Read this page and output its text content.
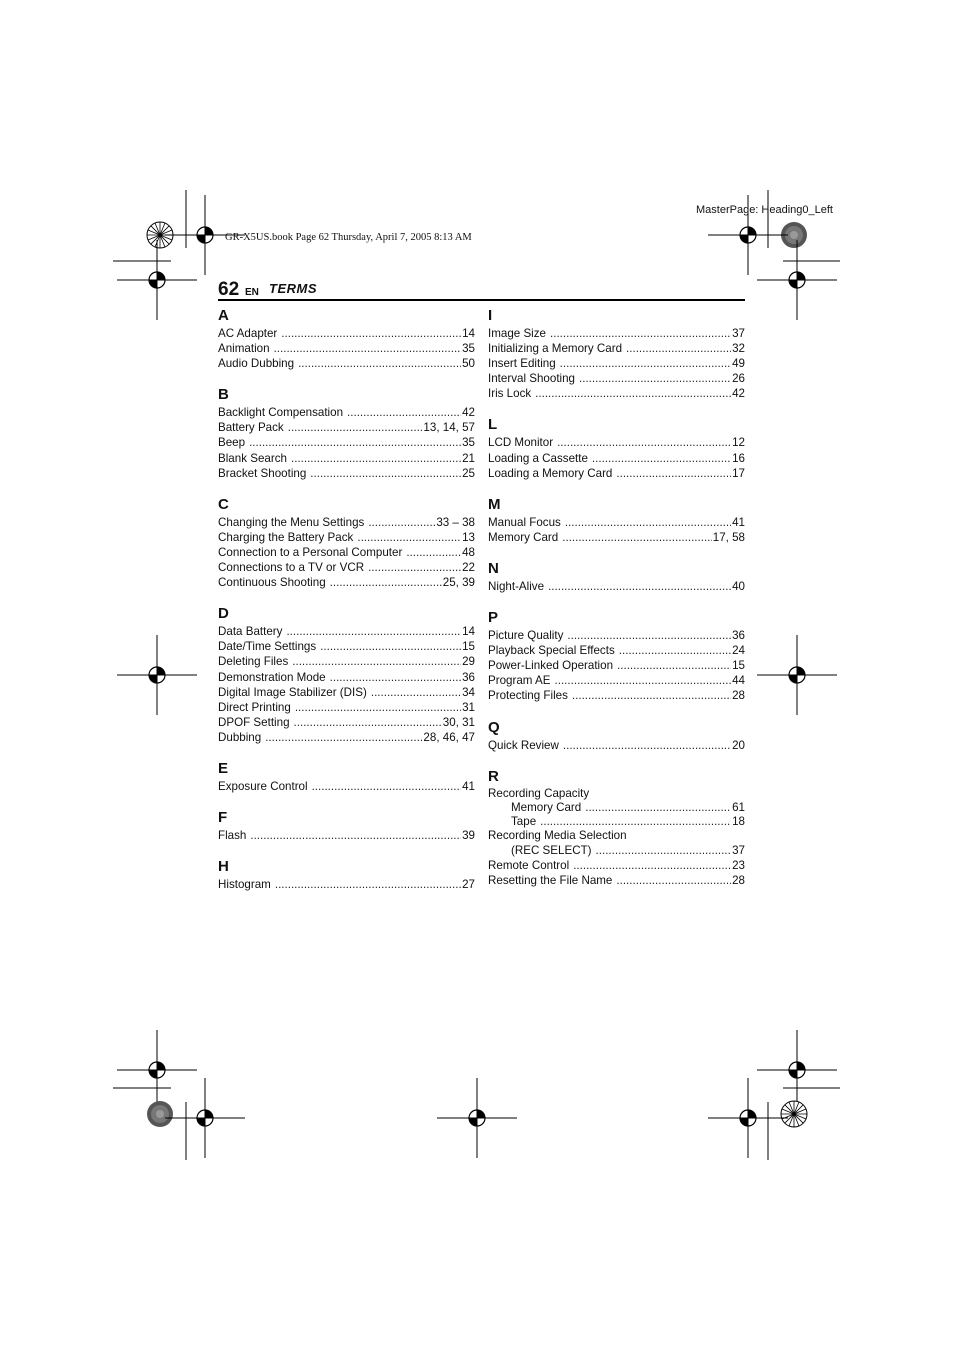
MasterPage: Heading0_Left
GR-X5US.book Page 62 Thursday, April 7, 2005 8:13 AM
62 EN TERMS
A
AC Adapter .....	14
Animation .....	35
Audio Dubbing .....	50
B
Backlight Compensation .....	42
Battery Pack .....	13, 14, 57
Beep .....	35
Blank Search .....	21
Bracket Shooting .....	25
C
Changing the Menu Settings .....	33 – 38
Charging the Battery Pack .....	13
Connection to a Personal Computer .....	48
Connections to a TV or VCR .....	22
Continuous Shooting .....	25, 39
D
Data Battery .....	14
Date/Time Settings .....	15
Deleting Files .....	29
Demonstration Mode .....	36
Digital Image Stabilizer (DIS) .....	34
Direct Printing .....	31
DPOF Setting .....	30, 31
Dubbing .....	28, 46, 47
E
Exposure Control .....	41
F
Flash .....	39
H
Histogram .....	27
I
Image Size .....	37
Initializing a Memory Card .....	32
Insert Editing .....	49
Interval Shooting .....	26
Iris Lock .....	42
L
LCD Monitor .....	12
Loading a Cassette .....	16
Loading a Memory Card .....	17
M
Manual Focus .....	41
Memory Card .....	17, 58
N
Night-Alive .....	40
P
Picture Quality .....	36
Playback Special Effects .....	24
Power-Linked Operation .....	15
Program AE .....	44
Protecting Files .....	28
Q
Quick Review .....	20
R
Recording Capacity
Memory Card .....	61
Tape .....	18
Recording Media Selection
(REC SELECT) .....	37
Remote Control .....	23
Resetting the File Name .....	28
